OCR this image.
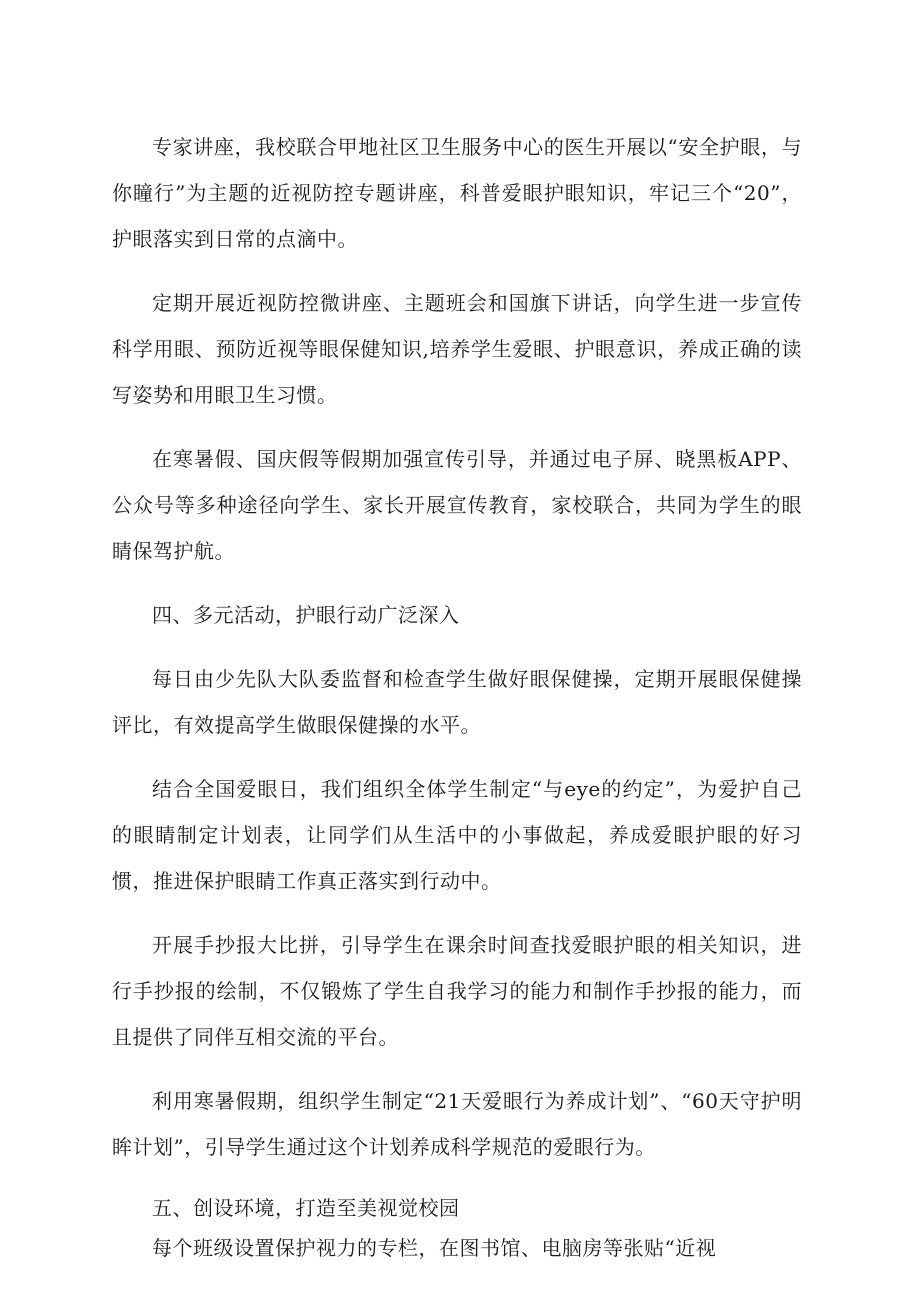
专家讲座，我校联合甲地社区卫生服务中心的医生开展以“安全护眼，与你瞳行”为主题的近视防控专题讲座，科普爱眼护眼知识，牢记三个“20”，护眼落实到日常的点滴中。

定期开展近视防控微讲座、主题班会和国旗下讲话，向学生进一步宣传科学用眼、预防近视等眼保健知识,培养学生爱眼、护眼意识，养成正确的读写姿势和用眼卫生习惯。

在寒暑假、国庆假等假期加强宣传引导，并通过电子屏、晓黑板APP、公众号等多种途径向学生、家长开展宣传教育，家校联合，共同为学生的眼睛保驾护航。

四、多元活动，护眼行动广泛深入

每日由少先队大队委监督和检查学生做好眼保健操，定期开展眼保健操评比，有效提高学生做眼保健操的水平。

结合全国爱眼日，我们组织全体学生制定“与eye的约定”，为爱护自己的眼睛制定计划表，让同学们从生活中的小事做起，养成爱眼护眼的好习惯，推进保护眼睛工作真正落实到行动中。

开展手抄报大比拼，引导学生在课余时间查找爱眼护眼的相关知识，进行手抄报的绘制，不仅锻炼了学生自我学习的能力和制作手抄报的能力，而且提供了同伴互相交流的平台。

利用寒暑假期，组织学生制定“21天爱眼行为养成计划”、“60天守护明眸计划”，引导学生通过这个计划养成科学规范的爱眼行为。

五、创设环境，打造至美视觉校园

每个班级设置保护视力的专栏，在图书馆、电脑房等张贴“近视
